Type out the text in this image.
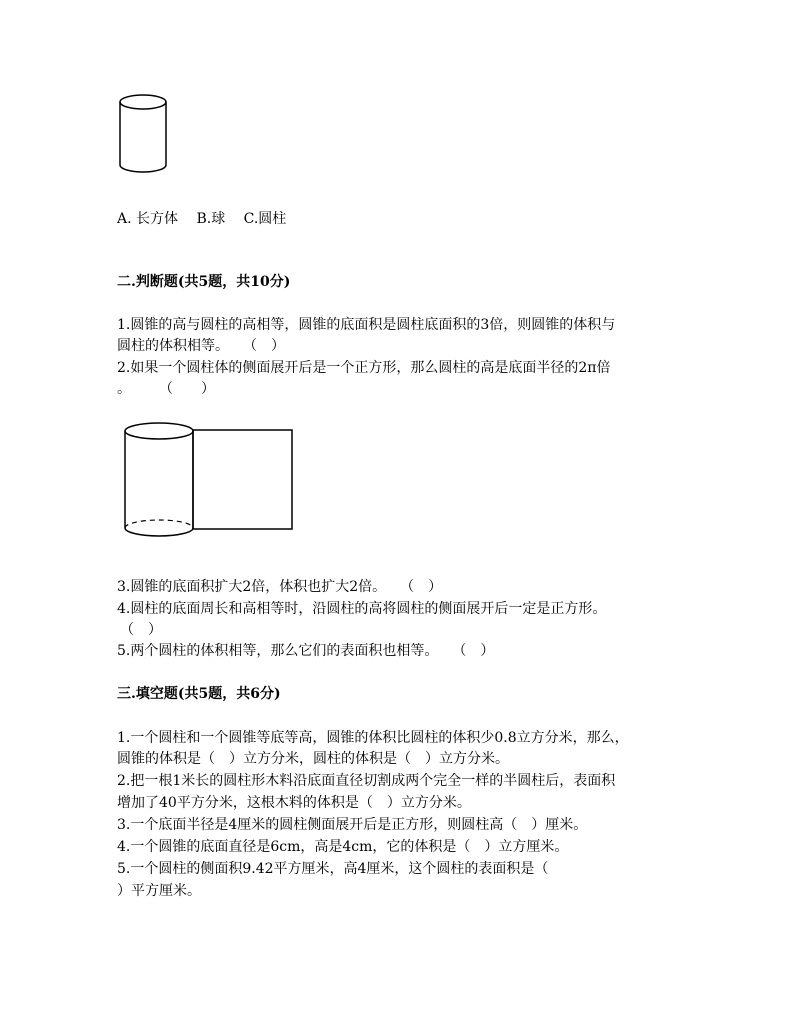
A. 长方体　 B.球　 C.圆柱
二.判断题(共5题，共10分)
1.圆锥的高与圆柱的高相等，圆锥的底面积是圆柱底面积的3倍，则圆锥的体积与
圆柱的体积相等。　　（　）
2.如果一个圆柱体的侧面展开后是一个正方形，那么圆柱的高是底面半径的2π倍
。　　　（　　）
3.圆锥的底面积扩大2倍，体积也扩大2倍。　　（　）
4.圆柱的底面周长和高相等时，沿圆柱的高将圆柱的侧面展开后一定是正方形。
（　）
5.两个圆柱的体积相等，那么它们的表面积也相等。　　（　）
三.填空题(共5题，共6分)
1.一个圆柱和一个圆锥等底等高，圆锥的体积比圆柱的体积少0.8立方分米，那么，
圆锥的体积是（　）立方分米，圆柱的体积是（　）立方分米。
2.把一根1米长的圆柱形木料沿底面直径切割成两个完全一样的半圆柱后，表面积
增加了40平方分米，这根木料的体积是（　）立方分米。
3.一个底面半径是4厘米的圆柱侧面展开后是正方形，则圆柱高（　）厘米。
4.一个圆锥的底面直径是6cm，高是4cm，它的体积是（　）立方厘米。
5.一个圆柱的侧面积9.42平方厘米，高4厘米，这个圆柱的表面积是（
）平方厘米。
